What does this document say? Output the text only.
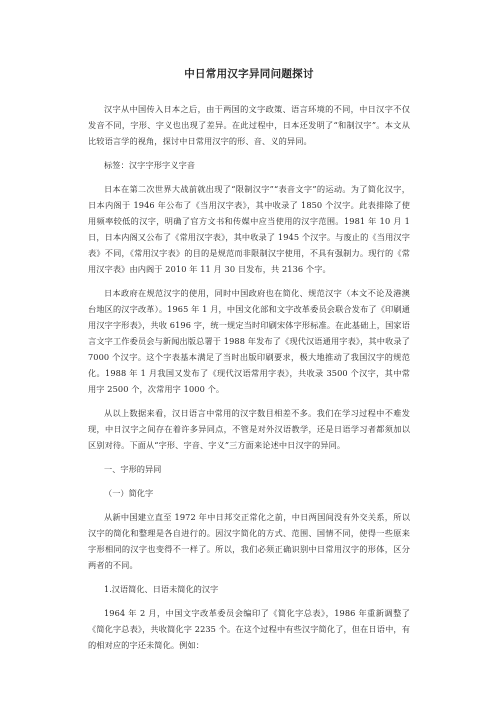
中日常用汉字异同问题探讨

汉字从中国传入日本之后，由于两国的文字政策、语言环境的不同，中日汉字不仅发音不同，字形、字义也出现了差异。在此过程中，日本还发明了“和制汉字”。本文从比较语言学的视角，探讨中日常用汉字的形、音、义的异同。

标签：汉字字形字义字音

日本在第二次世界大战前就出现了“限制汉字”“表音文字”的运动。为了简化汉字，日本内阁于 1946 年公布了《当用汉字表》，其中收录了 1850 个汉字。此表排除了使用频率较低的汉字，明确了官方文书和传媒中应当使用的汉字范围。1981 年 10 月 1 日，日本内阁又公布了《常用汉字表》，其中收录了 1945 个汉字。与废止的《当用汉字表》不同，《常用汉字表》的目的是规范而非限制汉字使用，不具有强制力。现行的《常用汉字表》由内阁于 2010 年 11 月 30 日发布，共 2136 个字。

日本政府在规范汉字的使用，同时中国政府也在简化、规范汉字（本文不论及港澳台地区的汉字改革）。1965 年 1 月，中国文化部和文字改革委员会联合发布了《印刷通用汉字字形表》，共收 6196 字，统一规定当时印刷宋体字形标准。在此基础上，国家语言文字工作委员会与新闻出版总署于 1988 年发布了《现代汉语通用字表》，其中收录了 7000 个汉字。这个字表基本满足了当时出版印刷要求，极大地推动了我国汉字的规范化。1988 年 1 月我国又发布了《现代汉语常用字表》，共收录 3500 个汉字，其中常用字 2500 个，次常用字 1000 个。

从以上数据来看，汉日语言中常用的汉字数目相差不多。我们在学习过程中不难发现，中日汉字之间存在着许多异同点，不管是对外汉语教学，还是日语学习者都须加以区别对待。下面从“字形、字音、字义”三方面来论述中日汉字的异同。

一、字形的异同

（一）简化字

从新中国建立直至 1972 年中日邦交正常化之前，中日两国间没有外交关系，所以汉字的简化和整理是各自进行的。因汉字简化的方式、范围、国情不同，使得一些原来字形相同的汉字也变得不一样了。所以，我们必须正确识别中日常用汉字的形体，区分两者的不同。

1.汉语简化、日语未简化的汉字

1964 年 2 月，中国文字改革委员会编印了《简化字总表》，1986 年重新调整了《简化字总表》，共收简化字 2235 个。在这个过程中有些汉字简化了，但在日语中，有的相对应的字还未简化。例如：
